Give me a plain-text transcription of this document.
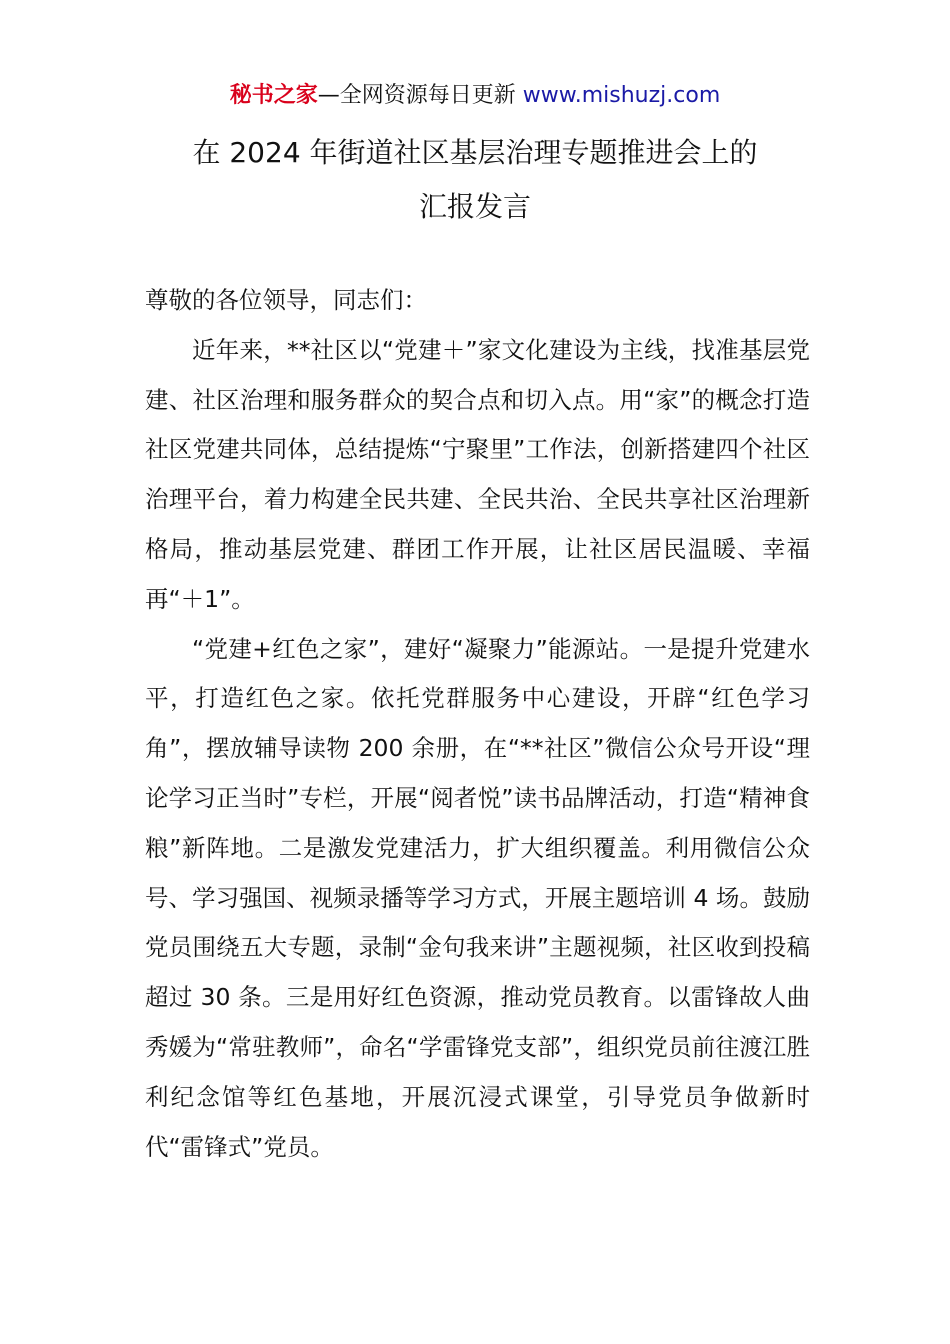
秘书之家—全网资源每日更新 www.mishuzj.com
在 2024 年街道社区基层治理专题推进会上的
汇报发言

尊敬的各位领导，同志们：

近年来，**社区以“党建＋”家文化建设为主线，找准基层党建、社区治理和服务群众的契合点和切入点。用“家”的概念打造社区党建共同体，总结提炼“宁聚里”工作法，创新搭建四个社区治理平台，着力构建全民共建、全民共治、全民共享社区治理新格局，推动基层党建、群团工作开展，让社区居民温暖、幸福再“＋1”。

“党建+红色之家”，建好“凝聚力”能源站。一是提升党建水平，打造红色之家。依托党群服务中心建设，开辟“红色学习角”，摆放辅导读物 200 余册，在“**社区”微信公众号开设“理论学习正当时”专栏，开展“阅者悦”读书品牌活动，打造“精神食粮”新阵地。二是激发党建活力，扩大组织覆盖。利用微信公众号、学习强国、视频录播等学习方式，开展主题培训 4 场。鼓励党员围绕五大专题，录制“金句我来讲”主题视频，社区收到投稿超过 30 条。三是用好红色资源，推动党员教育。以雷锋故人曲秀媛为“常驻教师”，命名“学雷锋党支部”，组织党员前往渡江胜利纪念馆等红色基地，开展沉浸式课堂，引导党员争做新时代“雷锋式”党员。
